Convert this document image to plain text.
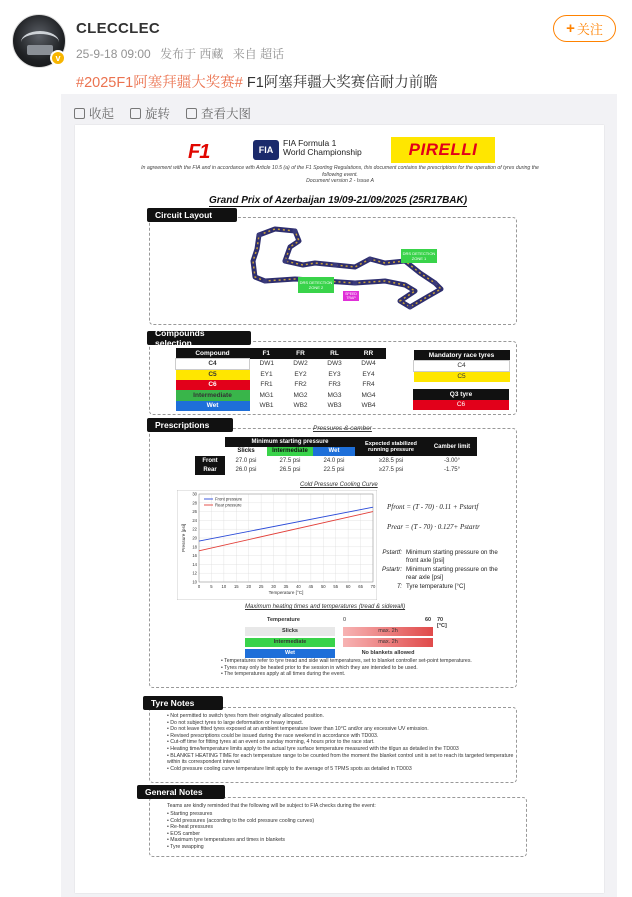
v
CLECCLEC
25-9-18 09:00 发布于 西藏 来自 超话
+ 关注
#2025F1阿塞拜疆大奖赛# F1阿塞拜疆大奖赛倍耐力前瞻
收起 旋转 查看大图
F1	FIA
FIA Formula 1
World Championship	PIRELLI
In agreement with the FIA and in accordance with Article 10.5 (a) of the F1 Sporting Regulations, this document contains the prescriptions for the operation of tyres during the following event.
Document version 2 - Issue A
Grand Prix of Azerbaijan 19/09-21/09/2025 (25R17BAK)
Circuit Layout
DRS DETECTION ZONE 1
DRS DETECTION ZONE 2
SPEED TRAP
Compounds selection
Compound	F1	FR	RL	RR
C4	DW1	DW2	DW3	DW4
C5	EY1	EY2	EY3	EY4
C6	FR1	FR2	FR3	FR4
Intermediate	MG1	MG2	MG3	MG4
Wet	WB1	WB2	WB3	WB4
Mandatory race tyres
C4
C5
Q3 tyre
C6
Prescriptions	Pressures & camber
	Minimum starting pressure			Expected stabilized running pressure	Camber limit
	Slicks	Intermediate	Wet		
Front	27.0 psi	27.5 psi	24.0 psi	≥28.5 psi	-3.00°
Rear	26.0 psi	26.5 psi	22.5 psi	≥27.5 psi	-1.75°
Cold Pressure Cooling Curve
0 5 10 15 20 25 30 35 40 45 50 55 60 65 70
10
12
14
16
18
20
22
24
26
28
30
Temperature [°C]
Pressure [psi]
Front pressure
Rear pressure	Pfront = (T - 70) · 0.11 + Pstartf
Prear = (T - 70) · 0.127+ Pstartr
Pstartf: Minimum starting pressure on the front axle [psi]
Pstartr: Minimum starting pressure on the rear axle [psi]
T: Tyre temperature [°C]
Maximum heating times and temperatures (tread & sidewall)
Temperature	0	60 70 [°C]
Slicks	max. 2h
Intermediate	max. 2h
Wet	No blankets allowed
• Temperatures refer to tyre tread and side wall temperatures, set to blanket controller set-point temperatures.
• Tyres may only be heated prior to the session in which they are intended to be used.
• The temperatures apply at all times during the event.
Tyre Notes
• Not permitted to switch tyres from their originally allocated position.
• Do not subject tyres to large deformation or heavy impact.
• Do not leave fitted tyres exposed at an ambient temperature lower than 10°C and/or any excessive UV emission.
• Revised prescriptions could be issued during the race weekend in accordance with TD003.
• Cut-off time for fitting tyres at an event on sunday morning, 4 hours prior to the race start.
• Heating time/temperature limits apply to the actual tyre surface temperature measured with the tilgun as detailed in the TD003
• BLANKET HEATING TIME for each temperature range to be counted from the moment the blanket control unit is set to reach its targeted temperature within its correspondent interval
• Cold pressure cooling curve temperature limit apply to the average of 5 TPMS spots as detailed in TD003
General Notes
Teams are kindly reminded that the following will be subject to FIA checks during the event:
• Starting pressures
• Cold pressures (according to the cold pressure cooling curves)
• Re-heat pressures
• EOS camber
• Maximum tyre temperatures and times in blankets
• Tyre swapping
